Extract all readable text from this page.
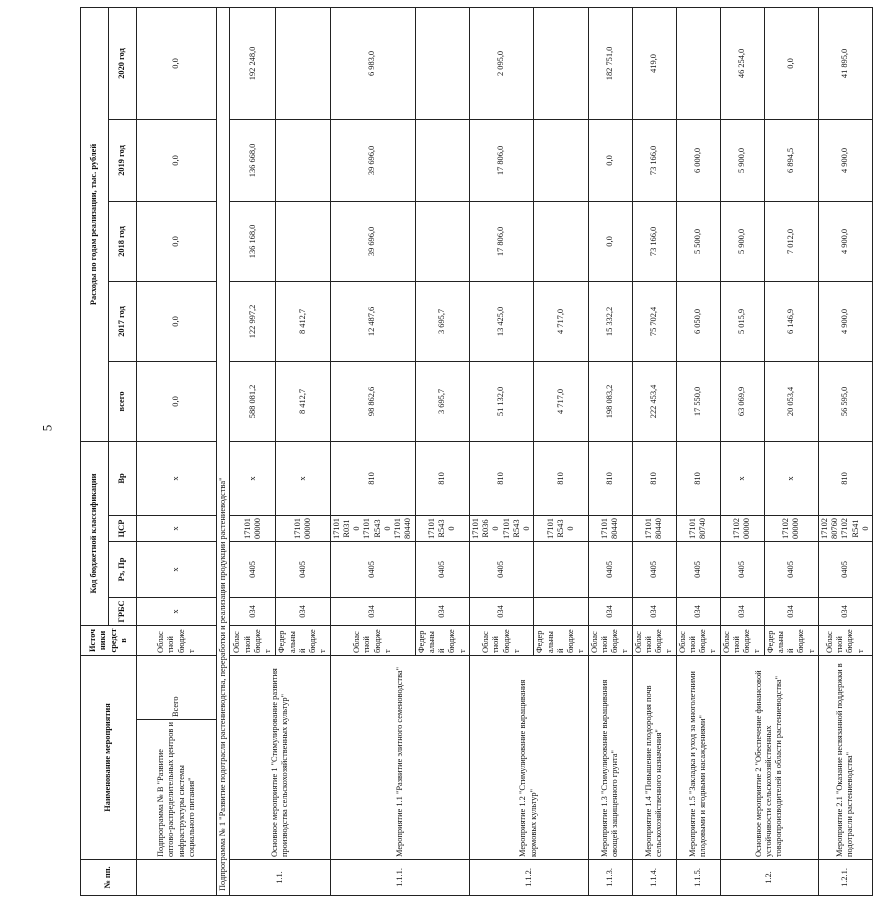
5
№ пп.	Наименование мероприятия		Источники средств	Код бюджетной классификации				Расходы по годам реализации, тыс. рублей				
				ГРБС	Рз, Пр	ЦСР	Вр	всего	2017 год	2018 год	2019 год	2020 год
	Подпрограмма № В "Развитие оптово-распределительных центров и инфраструктуры системы социального питания"	Всего	Областной бюджет	х	х	х	х	0,0	0,0	0,0	0,0	0,0
Подпрограмма № 1 "Развитие подотрасли растениеводства, переработки и реализации продукции растениеводства"												
1.1.	Основное мероприятие 1 "Стимулирование развития производства сельскохозяйственных культур"		Областной бюджет	034	0405	1710100000	х	588 081,2	122 997,2	136 168,0	136 668,0	192 248,0
			Федеральный бюджет	034	0405	1710100000	х	8 412,7	8 412,7			
1.1.1.	Мероприятие 1.1 "Развитие элитного семеноводства"		Областной бюджет	034	0405	17101R0310 17101R5430 1710180440	810	98 862,6	12 487,6	39 696,0	39 696,0	6 983,0
			Федеральный бюджет	034	0405	17101R5430	810	3 695,7	3 695,7			
1.1.2.	Мероприятие 1.2 "Стимулирование выращивания кормовых культур"		Областной бюджет	034	0405	17101R0360 17101R5430	810	51 132,0	13 425,0	17 806,0	17 806,0	2 095,0
			Федеральный бюджет			17101R5430	810	4 717,0	4 717,0			
1.1.3.	Мероприятие 1.3 "Стимулирование выращивания овощей защищенного грунта"		Областной бюджет	034	0405	1710180440	810	198 083,2	15 332,2	0,0	0,0	182 751,0
1.1.4.	Мероприятие 1.4 "Повышение плодородия почв сельскохозяйственного назначения"		Областной бюджет	034	0405	1710180440	810	222 453,4	75 702,4	73 166,0	73 166,0	419,0
1.1.5.	Мероприятие 1.5 "Закладка и уход за многолетними плодовыми и ягодными насаждениями"		Областной бюджет	034	0405	1710180740	810	17 550,0	6 050,0	5 500,0	6 000,0	
1.2.	Основное мероприятие 2 "Обеспечение финансовой устойчивости сельскохозяйственных товаропроизводителей в области растениеводства"		Областной бюджет	034	0405	1710200000	х	63 069,9	5 015,9	5 900,0	5 900,0	46 254,0
			Федеральный бюджет	034	0405	1710200000	х	20 053,4	6 146,9	7 012,0	6 894,5	0,0
1.2.1.	Мероприятие 2.1 "Оказание несвязанной поддержки в подотрасли растениеводства"		Областной бюджет	034	0405	1710280760 17102R5410	810	56 595,0	4 900,0	4 900,0	4 900,0	41 895,0
